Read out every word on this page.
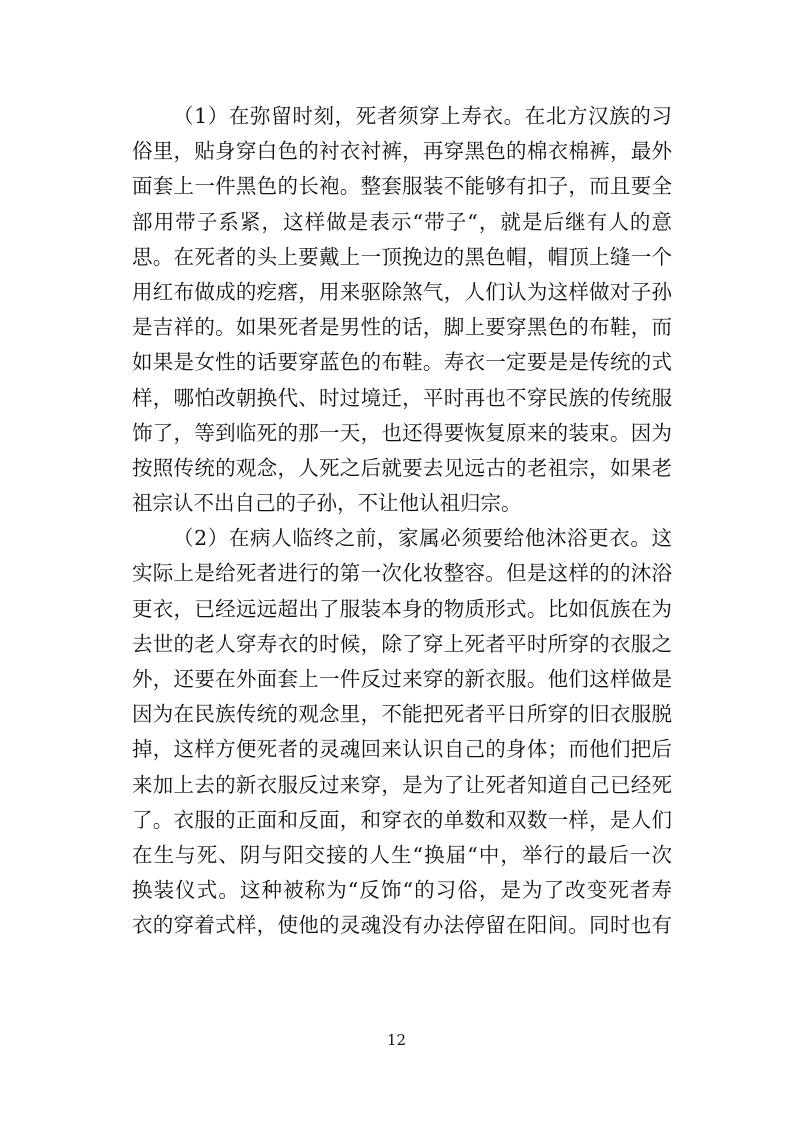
（1）在弥留时刻，死者须穿上寿衣。在北方汉族的习
俗里，贴身穿白色的衬衣衬裤，再穿黑色的棉衣棉裤，最外
面套上一件黑色的长袍。整套服装不能够有扣子，而且要全
部用带子系紧，这样做是表示“带子“，就是后继有人的意
思。在死者的头上要戴上一顶挽边的黑色帽，帽顶上缝一个
用红布做成的疙瘩，用来驱除煞气，人们认为这样做对子孙
是吉祥的。如果死者是男性的话，脚上要穿黑色的布鞋，而
如果是女性的话要穿蓝色的布鞋。寿衣一定要是是传统的式
样，哪怕改朝换代、时过境迁，平时再也不穿民族的传统服
饰了，等到临死的那一天，也还得要恢复原来的装束。因为
按照传统的观念，人死之后就要去见远古的老祖宗，如果老
祖宗认不出自己的子孙，不让他认祖归宗。
（2）在病人临终之前，家属必须要给他沐浴更衣。这
实际上是给死者进行的第一次化妆整容。但是这样的的沐浴
更衣，已经远远超出了服装本身的物质形式。比如佤族在为
去世的老人穿寿衣的时候，除了穿上死者平时所穿的衣服之
外，还要在外面套上一件反过来穿的新衣服。他们这样做是
因为在民族传统的观念里，不能把死者平日所穿的旧衣服脱
掉，这样方便死者的灵魂回来认识自己的身体；而他们把后
来加上去的新衣服反过来穿，是为了让死者知道自己已经死
了。衣服的正面和反面，和穿衣的单数和双数一样，是人们
在生与死、阴与阳交接的人生“换届“中，举行的最后一次
换装仪式。这种被称为“反饰“的习俗，是为了改变死者寿
衣的穿着式样，使他的灵魂没有办法停留在阳间。同时也有
12
